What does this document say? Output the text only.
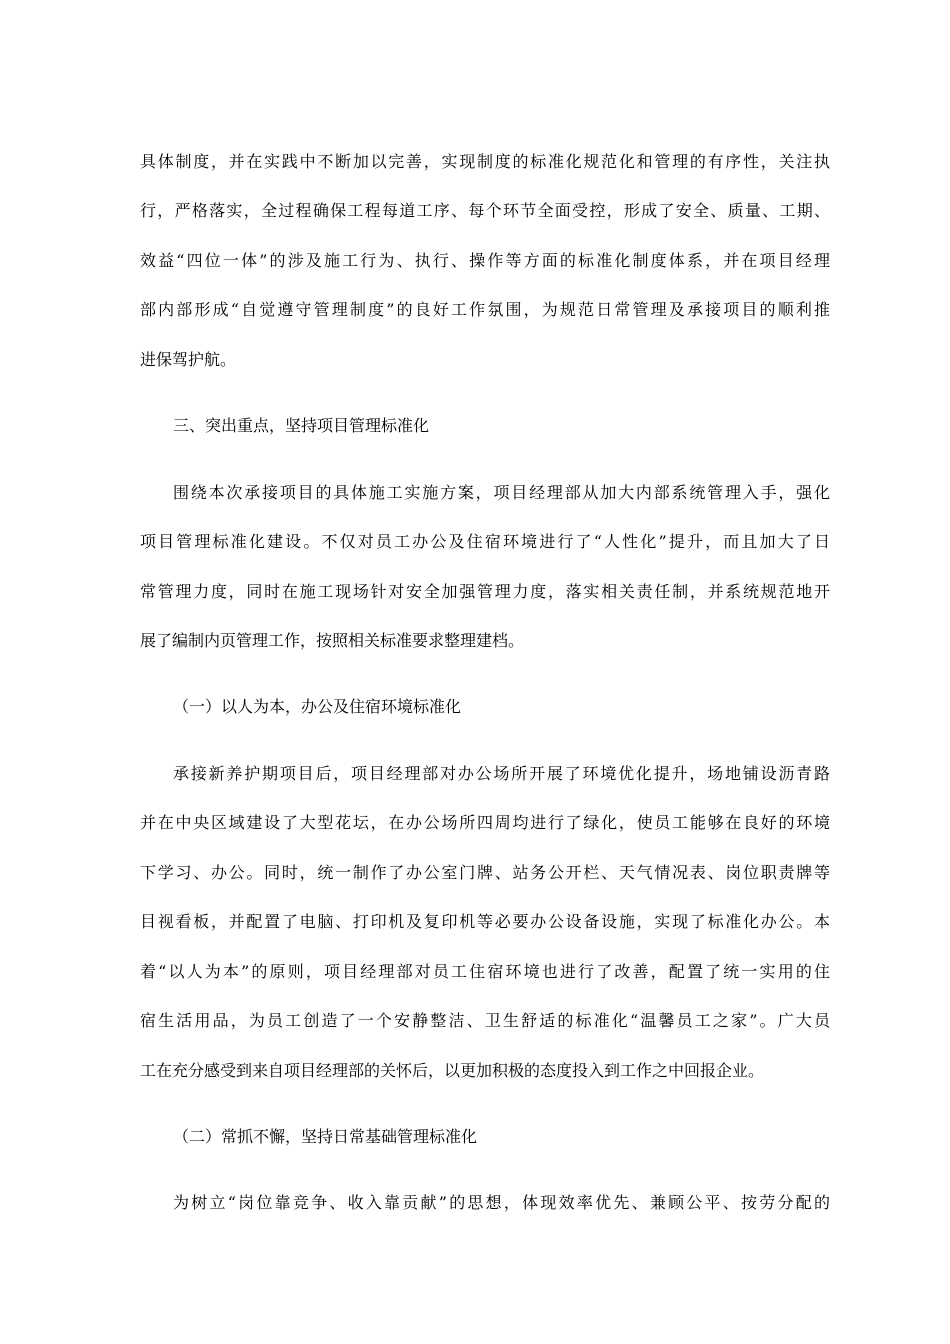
具体制度，并在实践中不断加以完善，实现制度的标准化规范化和管理的有序性，关注执
行，严格落实，全过程确保工程每道工序、每个环节全面受控，形成了安全、质量、工期、
效益“四位一体”的涉及施工行为、执行、操作等方面的标准化制度体系，并在项目经理
部内部形成“自觉遵守管理制度”的良好工作氛围，为规范日常管理及承接项目的顺利推
进保驾护航。
三、突出重点，坚持项目管理标准化
围绕本次承接项目的具体施工实施方案，项目经理部从加大内部系统管理入手，强化
项目管理标准化建设。不仅对员工办公及住宿环境进行了“人性化”提升，而且加大了日
常管理力度，同时在施工现场针对安全加强管理力度，落实相关责任制，并系统规范地开
展了编制内页管理工作，按照相关标准要求整理建档。
（一）以人为本，办公及住宿环境标准化
承接新养护期项目后，项目经理部对办公场所开展了环境优化提升，场地铺设沥青路
并在中央区域建设了大型花坛，在办公场所四周均进行了绿化，使员工能够在良好的环境
下学习、办公。同时，统一制作了办公室门牌、站务公开栏、天气情况表、岗位职责牌等
目视看板，并配置了电脑、打印机及复印机等必要办公设备设施，实现了标准化办公。本
着“以人为本”的原则，项目经理部对员工住宿环境也进行了改善，配置了统一实用的住
宿生活用品，为员工创造了一个安静整洁、卫生舒适的标准化“温馨员工之家”。广大员
工在充分感受到来自项目经理部的关怀后，以更加积极的态度投入到工作之中回报企业。
（二）常抓不懈，坚持日常基础管理标准化
为树立“岗位靠竞争、收入靠贡献”的思想，体现效率优先、兼顾公平、按劳分配的
